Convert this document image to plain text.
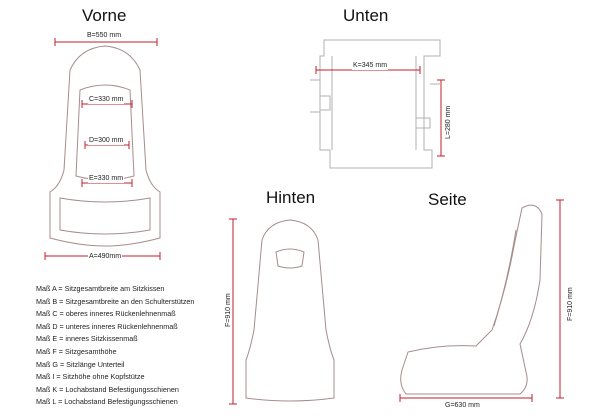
Vorne	Unten
Hinten	Seite
B=550 mm
C=330 mm
D=300 mm
E=330 mm
A=490mm
K=345 mm
L=280 mm
F=910 mm	F=910 mm
G=630 mm
Maß A = Sitzgesamtbreite am Sitzkissen
Maß B = Sitzgesamtbreite an den Schulterstützen
Maß C = oberes inneres Rückenlehnenmaß
Maß D = unteres inneres Rückenlehnenmaß
Maß E = inneres Sitzkissenmaß
Maß F = Sitzgesamthöhe
Maß G = Sitzlänge Unterteil
Maß I = Sitzhöhe ohne Kopfstütze
Maß K = Lochabstand Befestigungsschienen
Maß L = Lochabstand Befestigungsschienen
